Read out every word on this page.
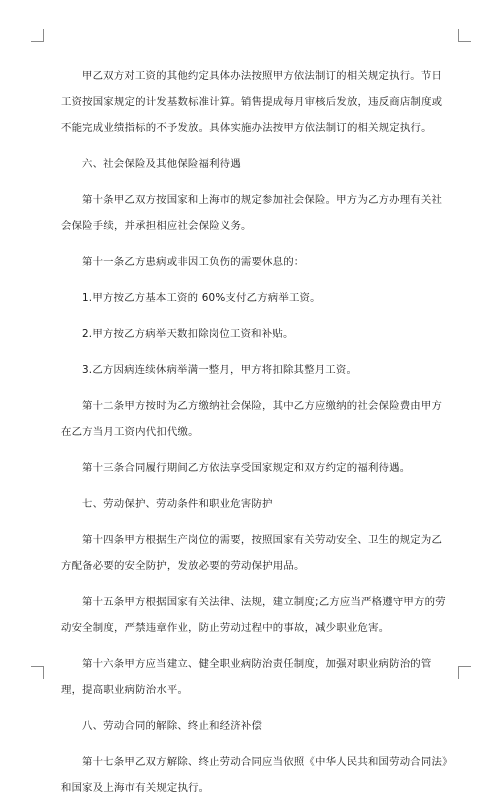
甲乙双方对工资的其他约定具体办法按照甲方依法制订的相关规定执行。节日工资按国家规定的计发基数标准计算。销售提成每月审核后发放，违反商店制度或不能完成业绩指标的不予发放。具体实施办法按甲方依法制订的相关规定执行。

六、社会保险及其他保险福利待遇

第十条甲乙双方按国家和上海市的规定参加社会保险。甲方为乙方办理有关社会保险手续，并承担相应社会保险义务。

第十一条乙方患病或非因工负伤的需要休息的：

1.甲方按乙方基本工资的 60%支付乙方病举工资。

2.甲方按乙方病举天数扣除岗位工资和补贴。

3.乙方因病连续休病举满一整月，甲方将扣除其整月工资。

第十二条甲方按时为乙方缴纳社会保险，其中乙方应缴纳的社会保险费由甲方在乙方当月工资内代扣代缴。

第十三条合同履行期间乙方依法享受国家规定和双方约定的福利待遇。

七、劳动保护、劳动条件和职业危害防护

第十四条甲方根据生产岗位的需要，按照国家有关劳动安全、卫生的规定为乙方配备必要的安全防护，发放必要的劳动保护用品。

第十五条甲方根据国家有关法律、法规，建立制度;乙方应当严格遵守甲方的劳动安全制度，严禁违章作业，防止劳动过程中的事故，减少职业危害。

第十六条甲方应当建立、健全职业病防治责任制度，加强对职业病防治的管理，提高职业病防治水平。

八、劳动合同的解除、终止和经济补偿

第十七条甲乙双方解除、终止劳动合同应当依照《中华人民共和国劳动合同法》和国家及上海市有关规定执行。
